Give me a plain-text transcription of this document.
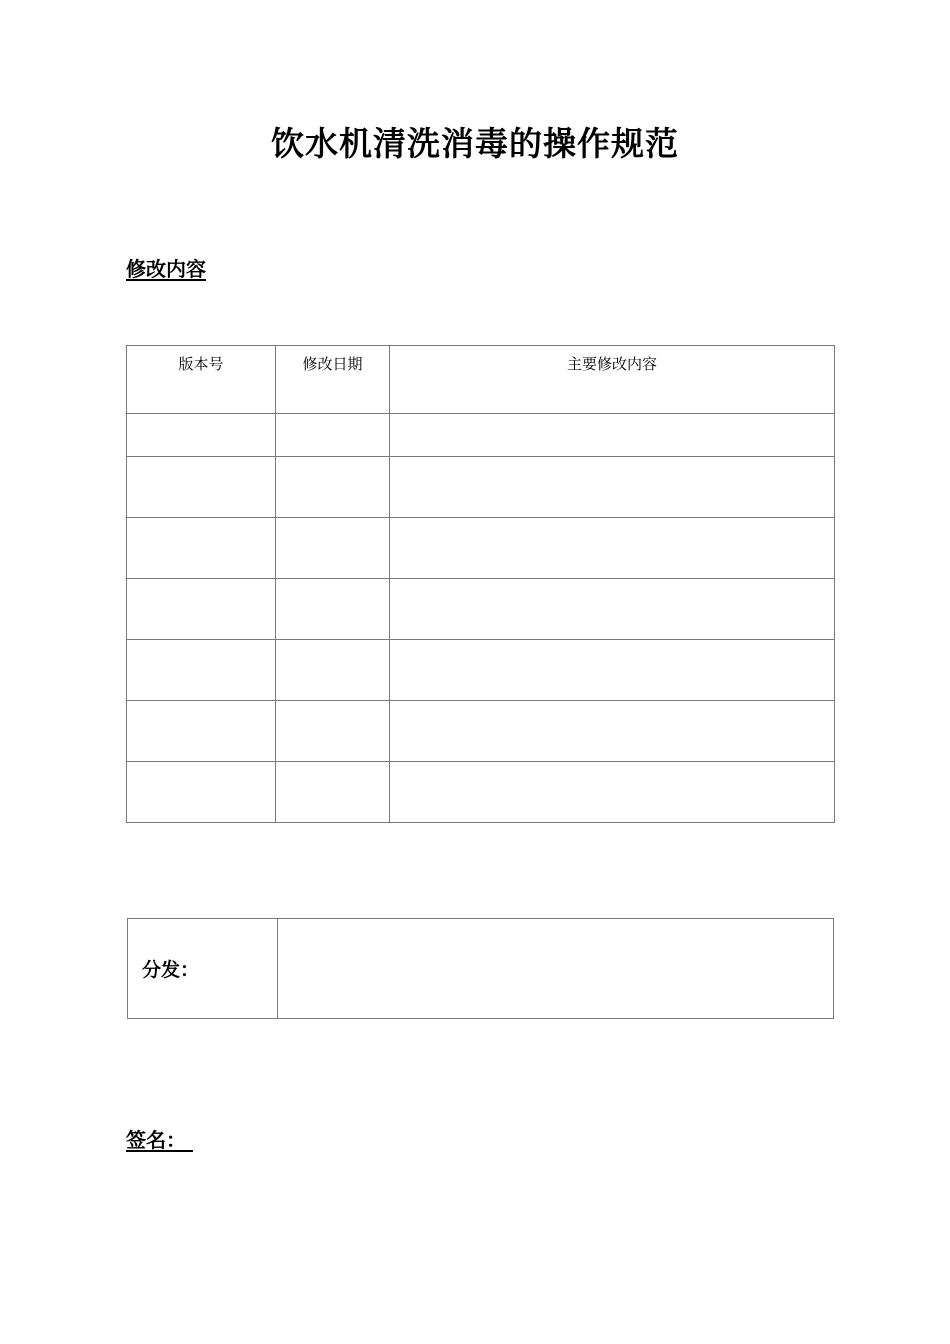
饮水机清洗消毒的操作规范
修改内容
版本号	修改日期	主要修改内容

分发：	
签名：
